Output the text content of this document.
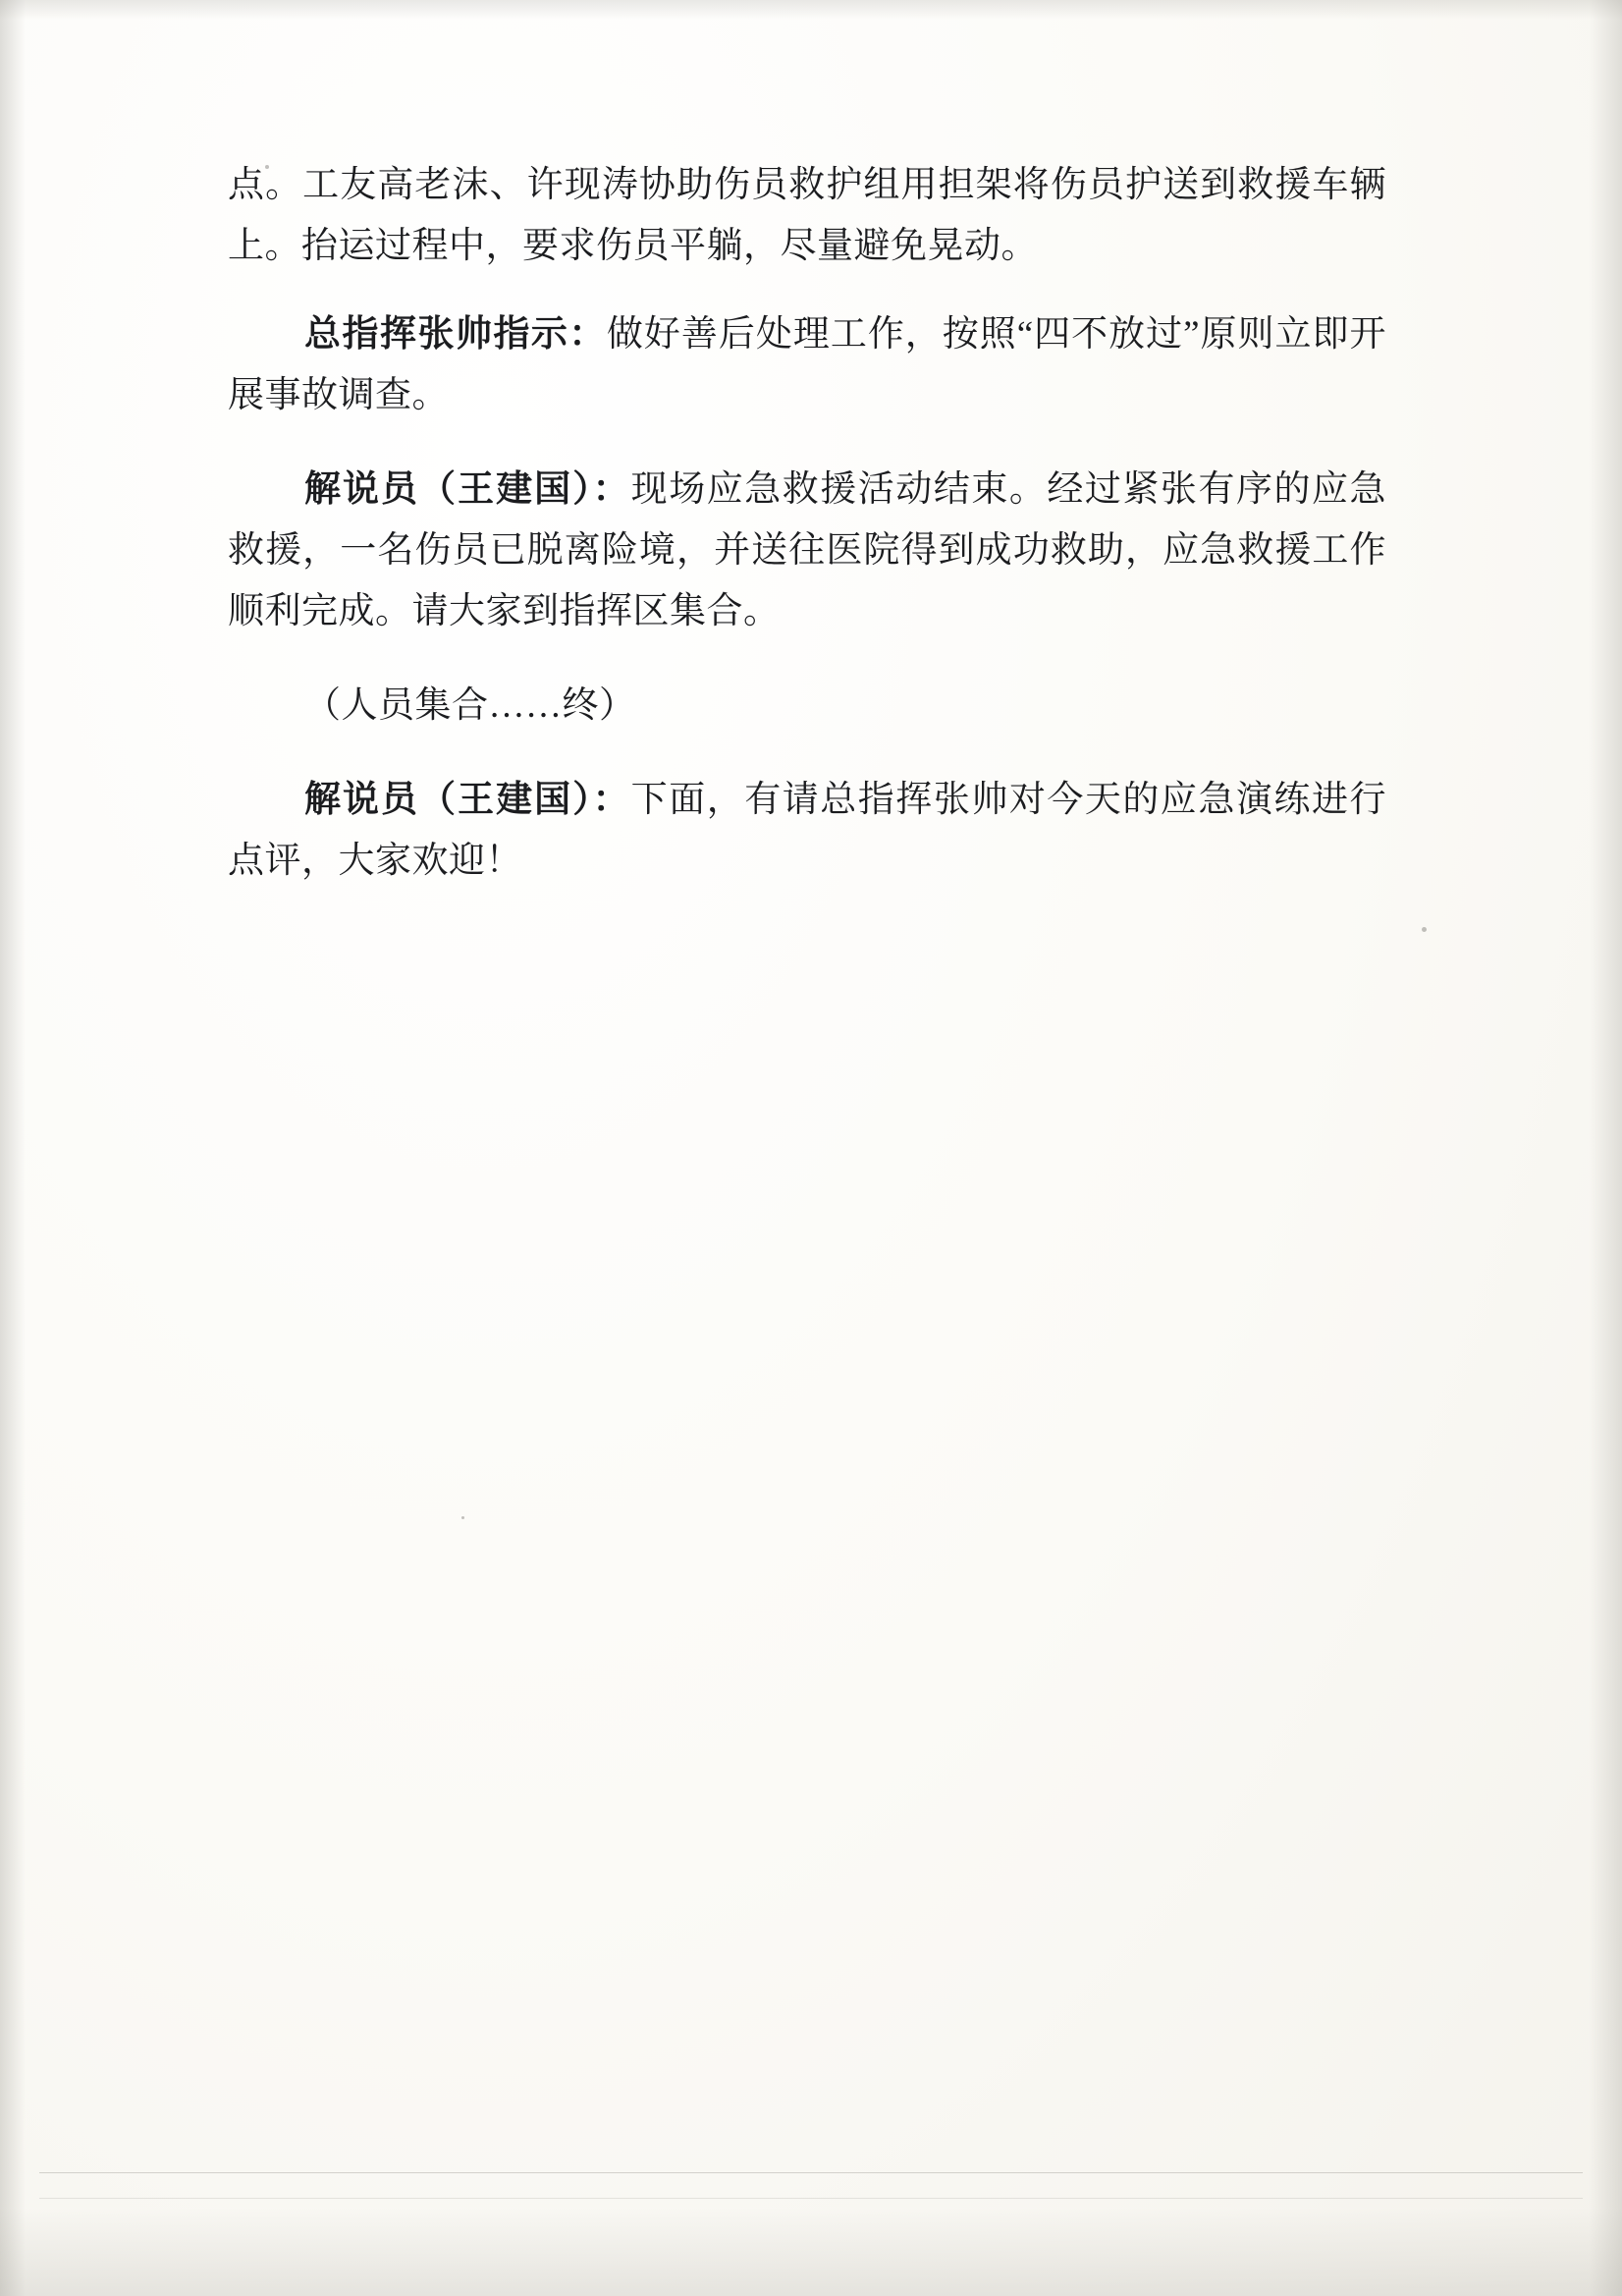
点。工友高老沫、许现涛协助伤员救护组用担架将伤员护送到救援车辆上。抬运过程中，要求伤员平躺，尽量避免晃动。

总指挥张帅指示：做好善后处理工作，按照“四不放过”原则立即开展事故调查。

解说员（王建国）：现场应急救援活动结束。经过紧张有序的应急救援，一名伤员已脱离险境，并送往医院得到成功救助，应急救援工作顺利完成。请大家到指挥区集合。

（人员集合……终）

解说员（王建国）：下面，有请总指挥张帅对今天的应急演练进行点评，大家欢迎！
